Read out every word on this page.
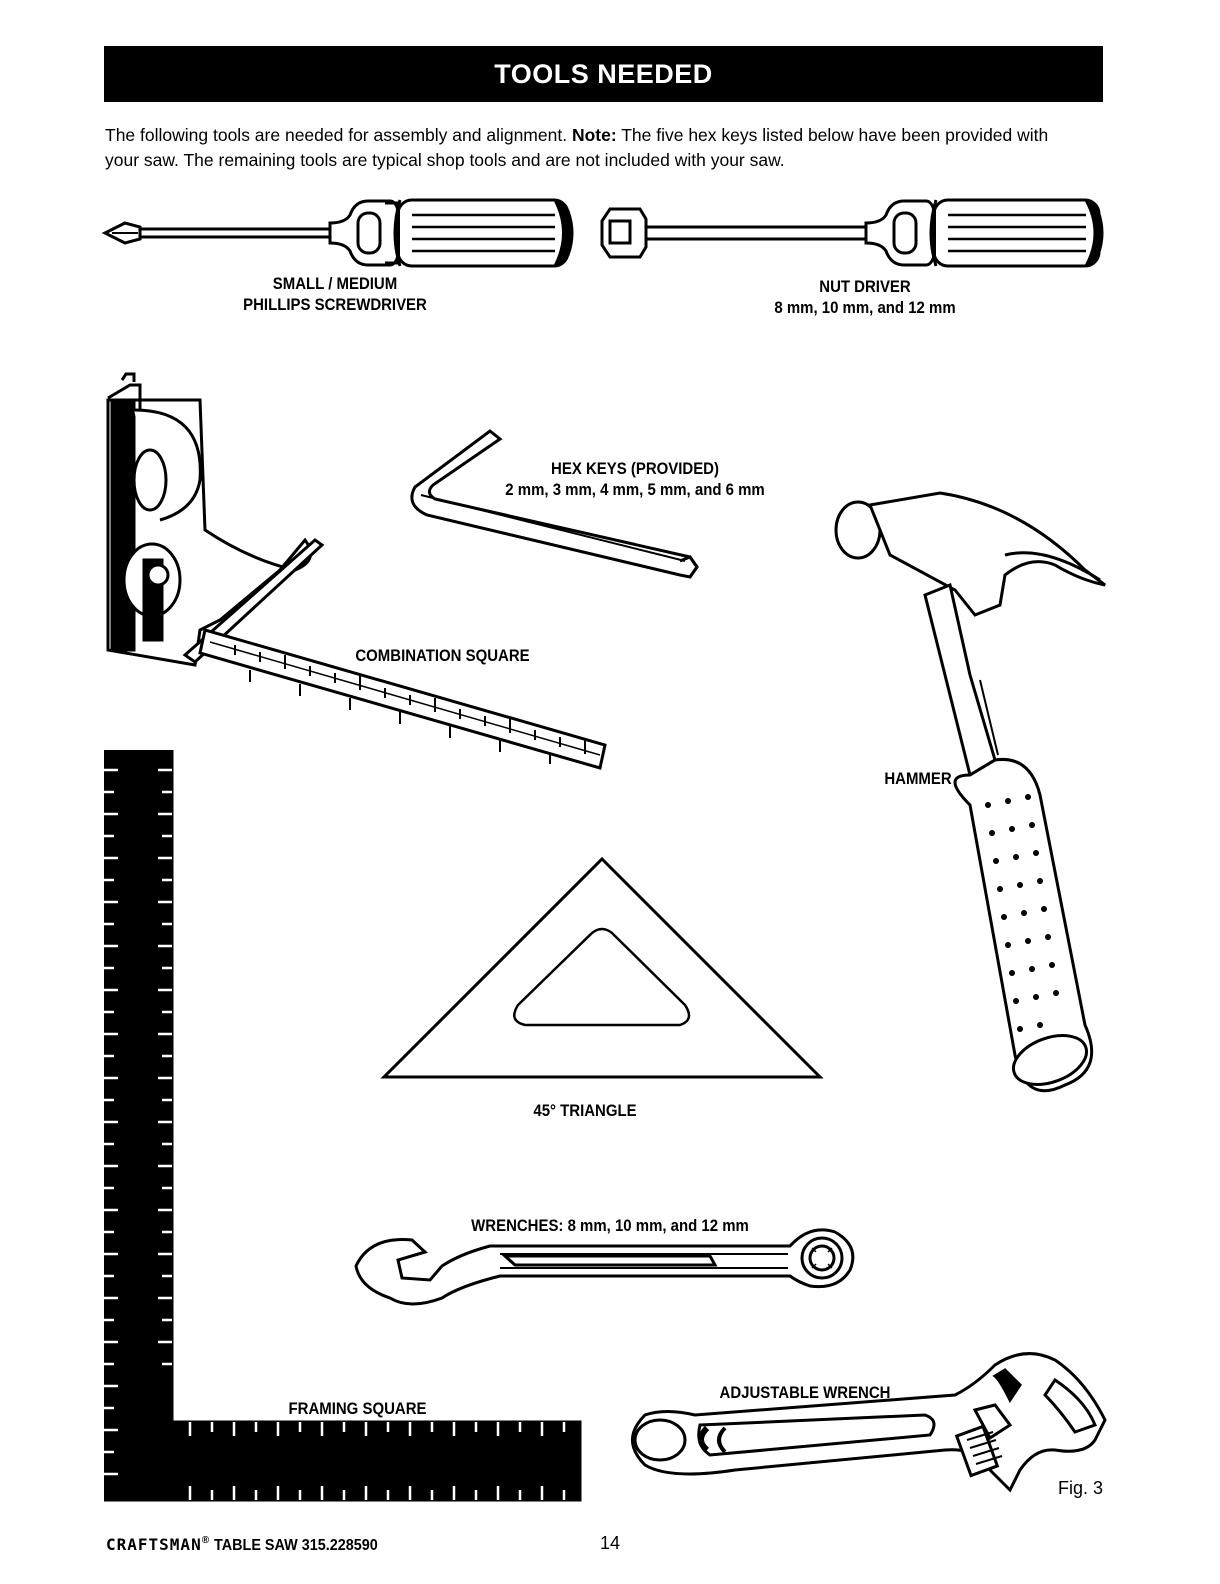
TOOLS NEEDED
The following tools are needed for assembly and alignment. Note: The five hex keys listed below have been provided with your saw. The remaining tools are typical shop tools and are not included with your saw.
SMALL / MEDIUM
PHILLIPS SCREWDRIVER
NUT DRIVER
8 mm, 10 mm, and 12 mm
COMBINATION SQUARE
HEX KEYS (PROVIDED)
2 mm, 3 mm, 4 mm, 5 mm, and 6 mm
HAMMER
FRAMING SQUARE
45° TRIANGLE
WRENCHES: 8 mm, 10 mm, and 12 mm
ADJUSTABLE WRENCH
Fig. 3
CRAFTSMAN® TABLE SAW 315.228590	14
